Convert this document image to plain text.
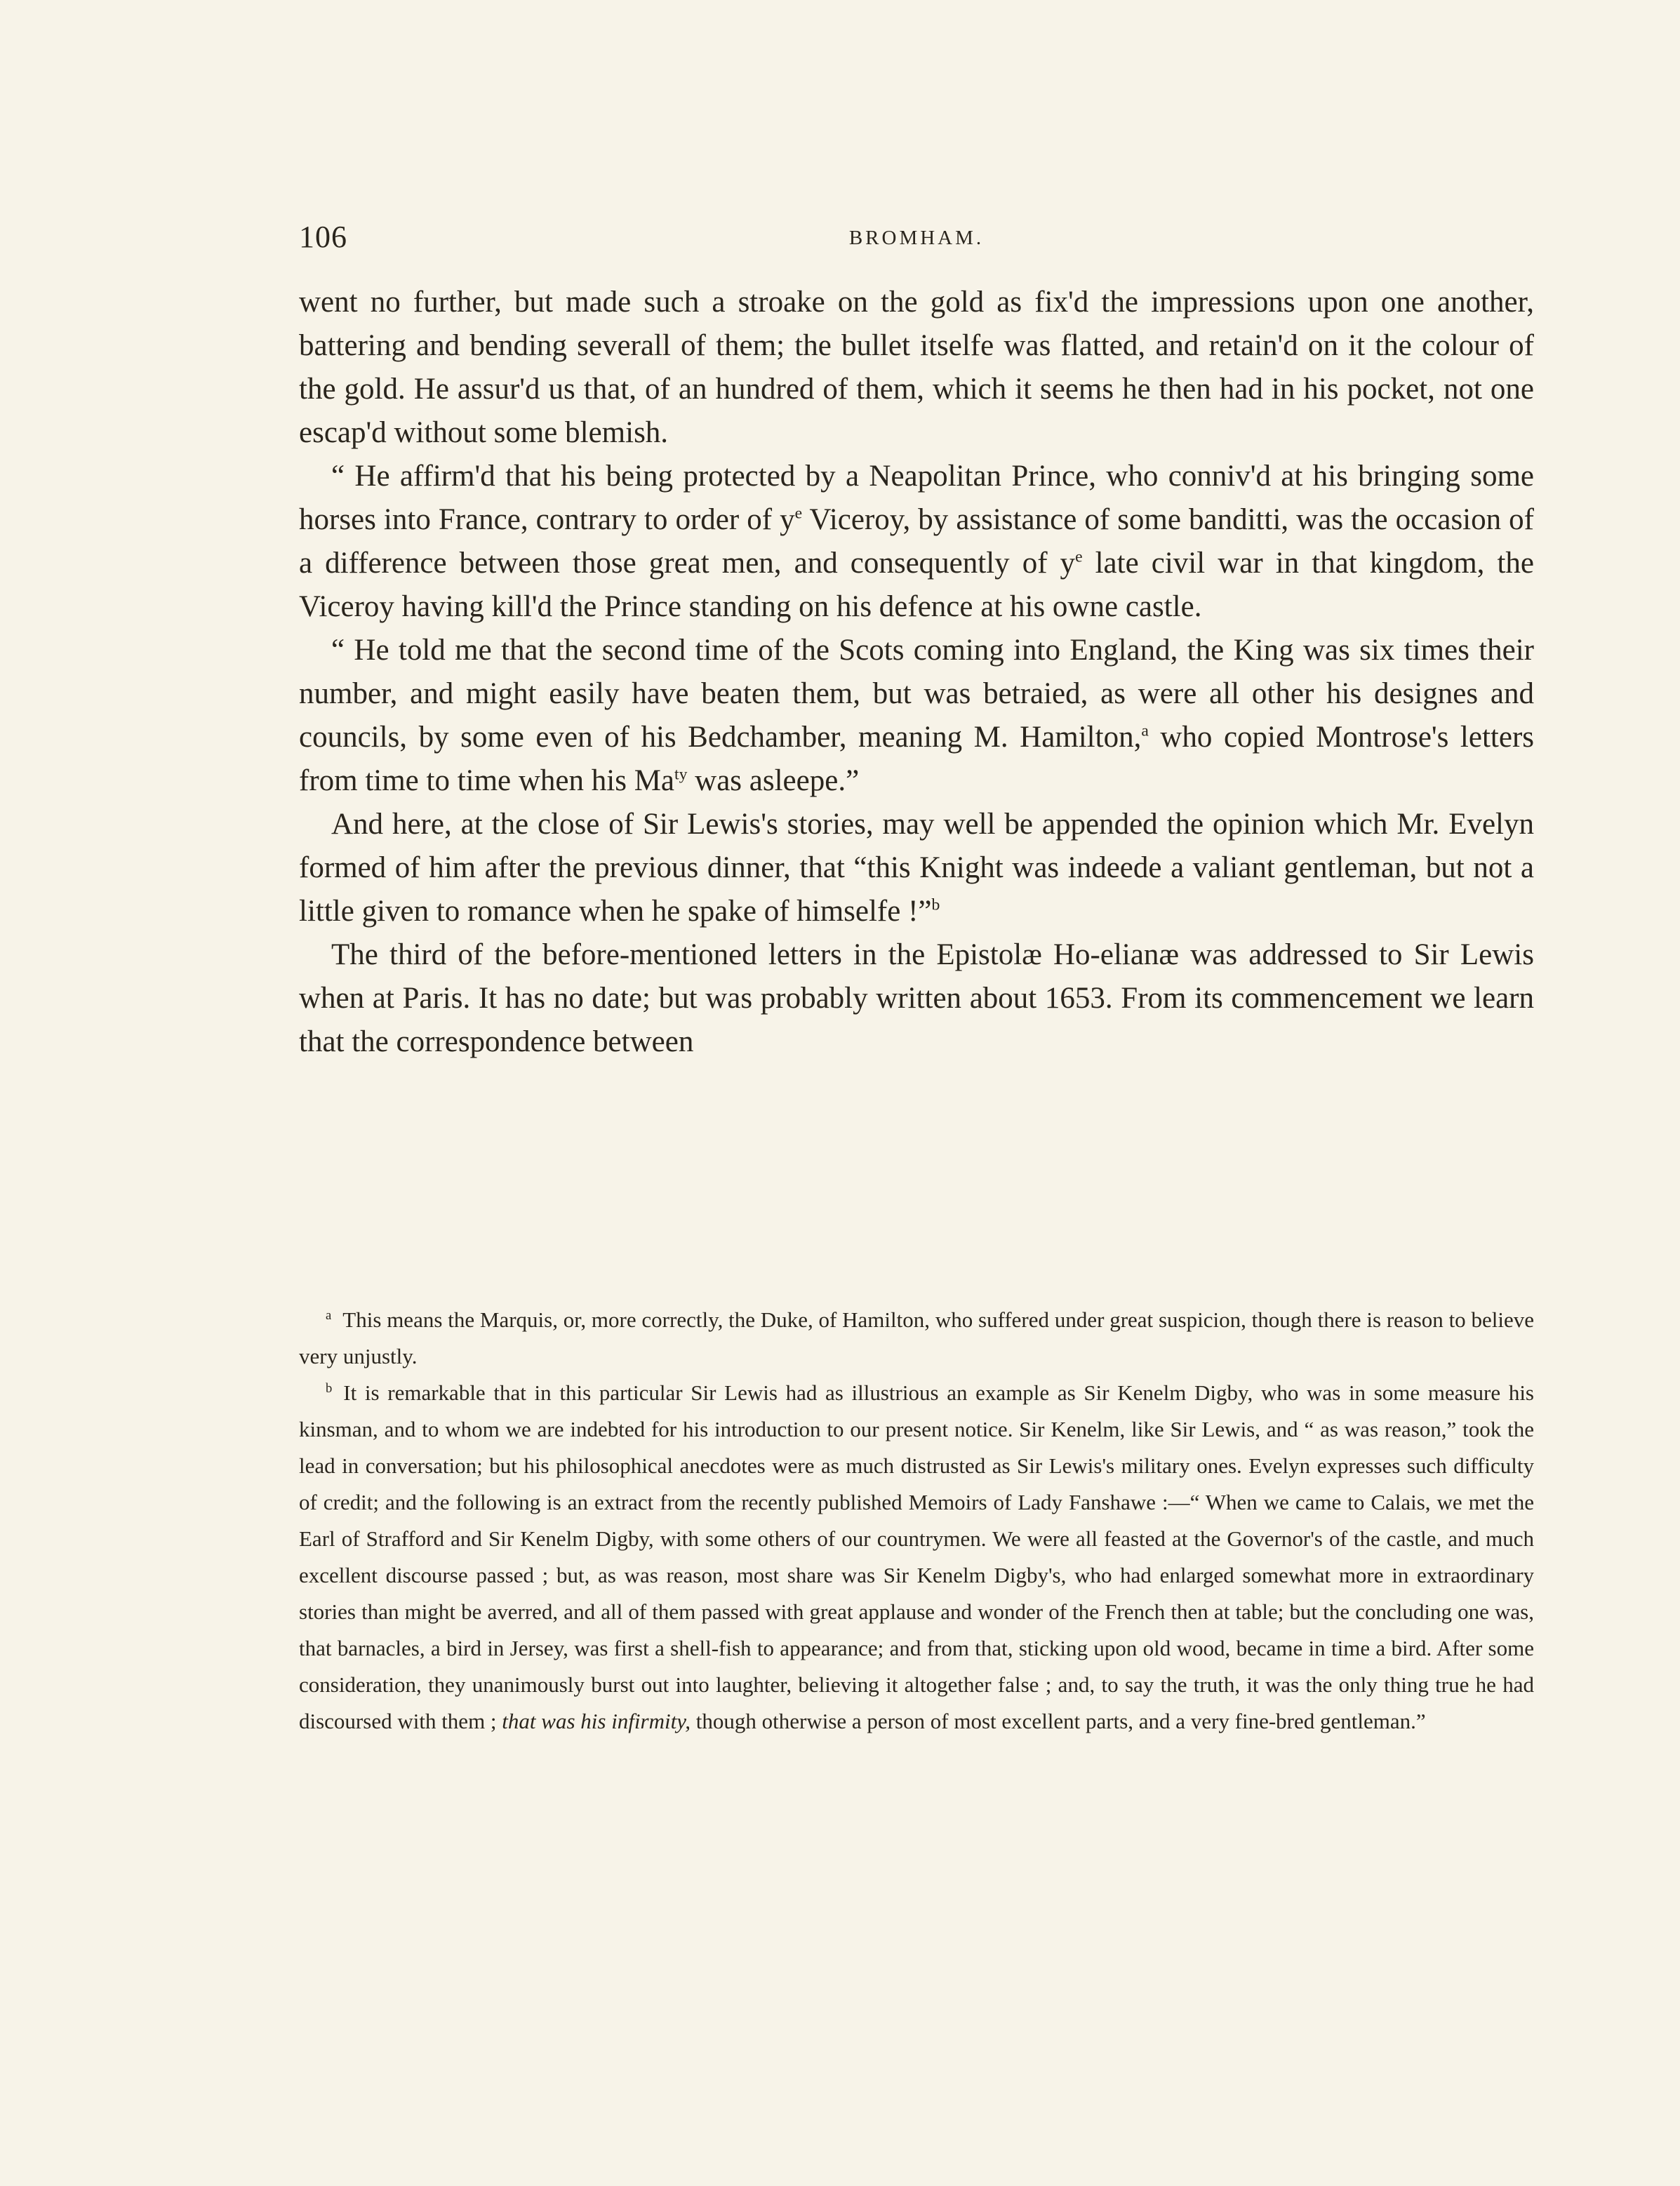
106	BROMHAM.

went no further, but made such a stroake on the gold as fix'd the impressions upon one another, battering and bending severall of them; the bullet itselfe was flatted, and retain'd on it the colour of the gold. He assur'd us that, of an hundred of them, which it seems he then had in his pocket, not one escap'd without some blemish.

“ He affirm'd that his being protected by a Neapolitan Prince, who conniv'd at his bringing some horses into France, contrary to order of $y^e$ Viceroy, by assistance of some banditti, was the occasion of a difference between those great men, and consequently of $y^e$ late civil war in that kingdom, the Viceroy having kill'd the Prince standing on his defence at his owne castle.

“ He told me that the second time of the Scots coming into England, the King was six times their number, and might easily have beaten them, but was betraied, as were all other his designes and councils, by some even of his Bedchamber, meaning M. Hamilton,$^a$ who copied Montrose's letters from time to time when his $Ma^{ty}$ was asleepe.”

And here, at the close of Sir Lewis's stories, may well be appended the opinion which Mr. Evelyn formed of him after the previous dinner, that “this Knight was indeede a valiant gentleman, but not a little given to romance when he spake of himselfe !”$^b$

The third of the before-mentioned letters in the Epistolæ Ho-elianæ was addressed to Sir Lewis when at Paris. It has no date; but was probably written about 1653. From its commencement we learn that the correspondence between

$^a$ This means the Marquis, or, more correctly, the Duke, of Hamilton, who suffered under great suspicion, though there is reason to believe very unjustly.

$^b$ It is remarkable that in this particular Sir Lewis had as illustrious an example as Sir Kenelm Digby, who was in some measure his kinsman, and to whom we are indebted for his introduction to our present notice. Sir Kenelm, like Sir Lewis, and “ as was reason,” took the lead in conversation; but his philosophical anecdotes were as much distrusted as Sir Lewis's military ones. Evelyn expresses such difficulty of credit; and the following is an extract from the recently published Memoirs of Lady Fanshawe :—“ When we came to Calais, we met the Earl of Strafford and Sir Kenelm Digby, with some others of our countrymen. We were all feasted at the Governor's of the castle, and much excellent discourse passed ; but, as was reason, most share was Sir Kenelm Digby's, who had enlarged somewhat more in extraordinary stories than might be averred, and all of them passed with great applause and wonder of the French then at table; but the concluding one was, that barnacles, a bird in Jersey, was first a shell-fish to appearance; and from that, sticking upon old wood, became in time a bird. After some consideration, they unanimously burst out into laughter, believing it altogether false ; and, to say the truth, it was the only thing true he had discoursed with them ; that was his infirmity, though otherwise a person of most excellent parts, and a very fine-bred gentleman.”
